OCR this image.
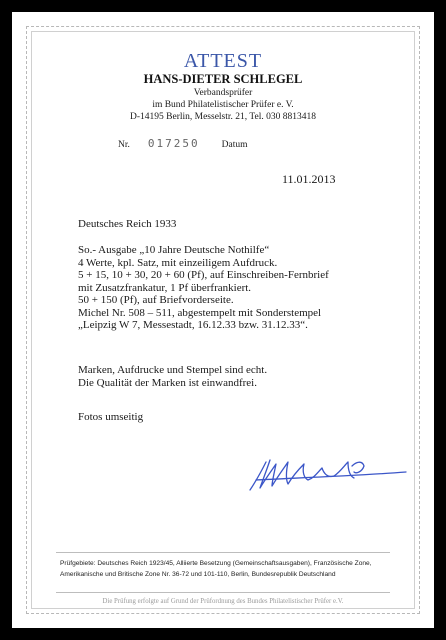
ATTEST
HANS-DIETER SCHLEGEL
Verbandsprüfer
im Bund Philatelistischer Prüfer e. V.
D-14195 Berlin, Messelstr. 21, Tel. 030 8813418
Nr. 017250 Datum
11.01.2013
Deutsches Reich 1933
So.- Ausgabe „10 Jahre Deutsche Nothilfe“
4 Werte, kpl. Satz, mit einzeiligem Aufdruck.
5 + 15, 10 + 30, 20 + 60 (Pf), auf Einschreiben-Fernbrief
mit Zusatzfrankatur, 1 Pf überfrankiert.
50 + 150 (Pf), auf Briefvorderseite.
Michel Nr. 508 – 511, abgestempelt mit Sonderstempel
„Leipzig W 7, Messestadt, 16.12.33 bzw. 31.12.33“.
Marken, Aufdrucke und Stempel sind echt.
Die Qualität der Marken ist einwandfrei.
Fotos umseitig
Prüfgebiete: Deutsches Reich 1923/45, Alliierte Besetzung (Gemeinschaftsausgaben), Französische Zone,
Amerikanische und Britische Zone Nr. 36-72 und 101-110, Berlin, Bundesrepublik Deutschland
Die Prüfung erfolgte auf Grund der Prüfordnung des Bundes Philatelistischer Prüfer e.V.
